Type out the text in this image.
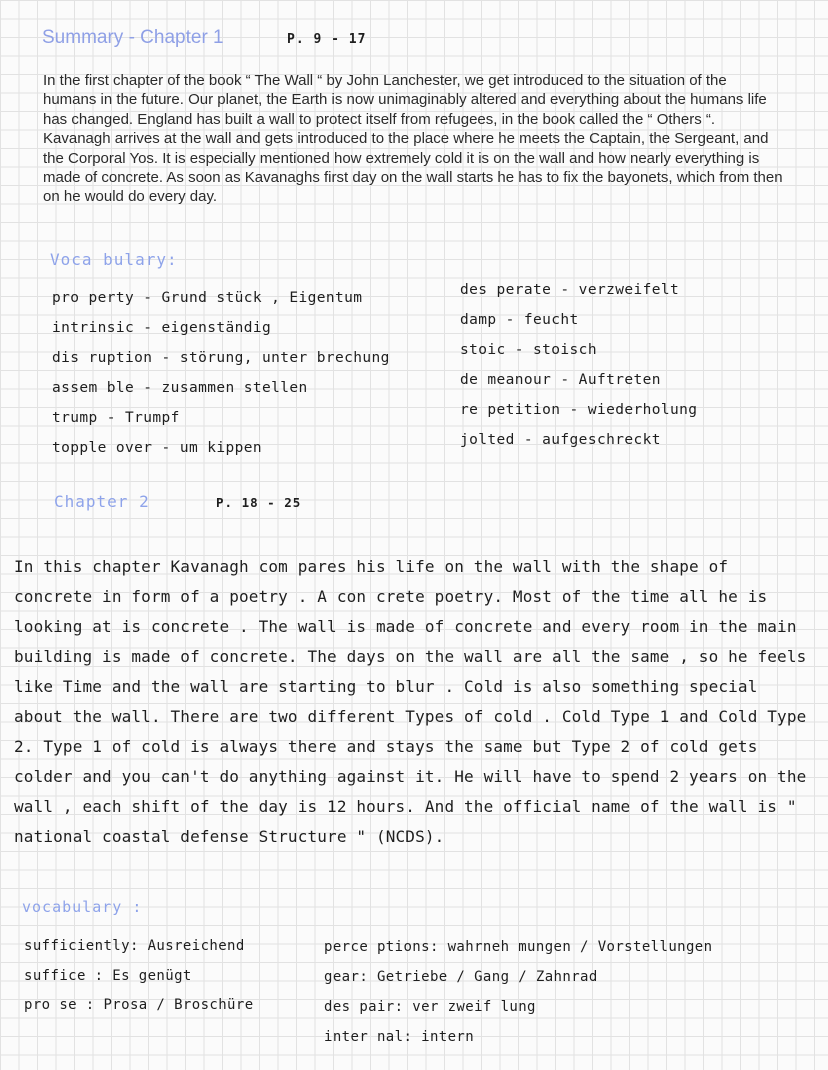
Summary - Chapter 1	P. 9 - 17

In the first chapter of the book “ The Wall “ by John Lanchester, we get introduced to the situation of the humans in the future. Our planet, the Earth is now unimaginably altered and everything about the humans life has changed. England has built a wall to protect itself from refugees, in the book called the “ Others “. Kavanagh arrives at the wall and gets introduced to the place where he meets the Captain, the Sergeant, and the Corporal Yos. It is especially mentioned how extremely cold it is on the wall and how nearly everything is made of concrete. As soon as Kavanaghs first day on the wall starts he has to fix the bayonets, which from then on he would do every day.

Voca bulary:
pro perty - Grund stück , Eigentum
intrinsic - eigenständig
dis ruption - störung, unter brechung
assem ble - zusammen stellen
trump - Trumpf
topple over - um kippen
des perate - verzweifelt
damp - feucht
stoic - stoisch
de meanour - Auftreten
re petition - wiederholung
jolted - aufgeschreckt
Chapter 2	P. 18 - 25

In this chapter Kavanagh com pares his life on the wall with the shape of concrete in form of a poetry . A con crete poetry. Most of the time all he is looking at is concrete . The wall is made of concrete and every room in the main building is made of concrete. The days on the wall are all the same , so he feels like Time and the wall are starting to blur . Cold is also something special about the wall. There are two different Types of cold . Cold Type 1 and Cold Type 2. Type 1 of cold is always there and stays the same but Type 2 of cold gets colder and you can't do anything against it. He will have to spend 2 years on the wall , each shift of the day is 12 hours. And the official name of the wall is " national coastal defense Structure " (NCDS).

vocabulary :
sufficiently: Ausreichend
suffice : Es genügt
pro se : Prosa / Broschüre
perce ptions: wahrneh mungen / Vorstellungen
gear: Getriebe / Gang / Zahnrad
des pair: ver zweif lung
inter nal: intern
